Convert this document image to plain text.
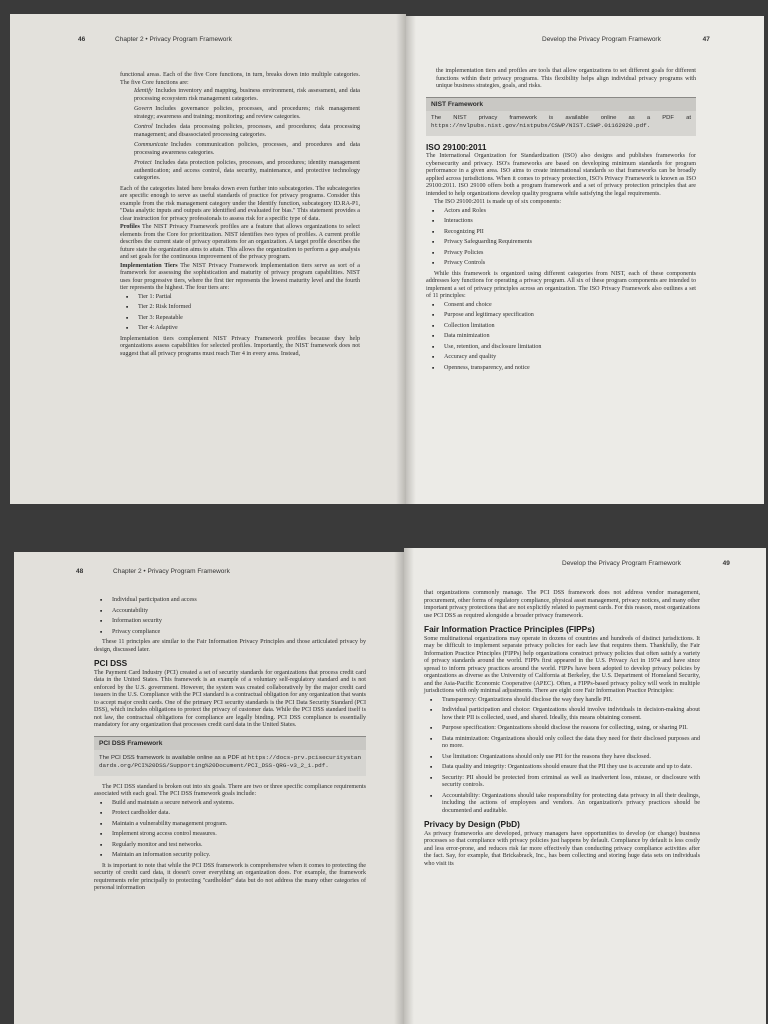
46	Chapter 2 • Privacy Program Framework

functional areas. Each of the five Core functions, in turn, breaks down into multiple categories. The five Core functions are:

Identify Includes inventory and mapping, business environment, risk assessment, and data processing ecosystem risk management categories.

Govern Includes governance policies, processes, and procedures; risk management strategy; awareness and training; monitoring; and review categories.

Control Includes data processing policies, processes, and procedures; data processing management; and disassociated processing categories.

Communicate Includes communication policies, processes, and procedures and data processing awareness categories.

Protect Includes data protection policies, processes, and procedures; identity management authentication; and access control, data security, maintenance, and protective technology categories.

Each of the categories listed here breaks down even further into subcategories. The subcategories are specific enough to serve as useful standards of practice for privacy programs. Consider this example from the risk management category under the Identify function, subcategory ID.RA-P1, "Data analytic inputs and outputs are identified and evaluated for bias." This statement provides a clear instruction for privacy professionals to assess risk for a specific type of data.

Profiles The NIST Privacy Framework profiles are a feature that allows organizations to select elements from the Core for prioritization. NIST identifies two types of profiles. A current profile describes the current state of privacy operations for an organization. A target profile describes the future state the organization aims to attain. This allows the organization to perform a gap analysis and set goals for the continuous improvement of the privacy program.

Implementation Tiers The NIST Privacy Framework implementation tiers serve as sort of a framework for assessing the sophistication and maturity of privacy program capabilities. NIST uses four progressive tiers, where the first tier represents the lowest maturity level and the fourth tier represents the highest. The four tiers are:

■ Tier 1: Partial
■ Tier 2: Risk Informed
■ Tier 3: Repeatable
■ Tier 4: Adaptive

Implementation tiers complement NIST Privacy Framework profiles because they help organizations assess capabilities for selected profiles. Importantly, the NIST framework does not suggest that all privacy programs must reach Tier 4 in every area. Instead,

Develop the Privacy Program Framework	47

the implementation tiers and profiles are tools that allow organizations to set different goals for different functions within their privacy programs. This flexibility helps align individual privacy programs with unique business strategies, goals, and risks.

NIST Framework
The NIST privacy framework is available online as a PDF at https://nvlpubs.nist.gov/nistpubs/CSWP/NIST.CSWP.01162020.pdf.
ISO 29100:2011

The International Organization for Standardization (ISO) also designs and publishes frameworks for cybersecurity and privacy. ISO's frameworks are based on developing minimum standards for program performance in a given area. ISO aims to create international standards so that frameworks can be broadly applied across jurisdictions. When it comes to privacy protection, ISO's Privacy Framework is known as ISO 29100:2011. ISO 29100 offers both a program framework and a set of privacy protection principles that are intended to help organizations develop quality programs while satisfying the legal requirements.

The ISO 29100:2011 is made up of six components:

■ Actors and Roles
■ Interactions
■ Recognizing PII
■ Privacy Safeguarding Requirements
■ Privacy Policies
■ Privacy Controls

While this framework is organized using different categories from NIST, each of these components addresses key functions for operating a privacy program. All six of these program components are intended to implement a set of privacy principles across an organization. The ISO Privacy Framework also outlines a set of 11 principles:

■ Consent and choice
■ Purpose and legitimacy specification
■ Collection limitation
■ Data minimization
■ Use, retention, and disclosure limitation
■ Accuracy and quality
■ Openness, transparency, and notice
48	Chapter 2 • Privacy Program Framework
■ Individual participation and access
■ Accountability
■ Information security
■ Privacy compliance

These 11 principles are similar to the Fair Information Privacy Principles and those articulated privacy by design, discussed later.

PCI DSS

The Payment Card Industry (PCI) created a set of security standards for organizations that process credit card data in the United States. This framework is an example of a voluntary self-regulatory standard and is not enforced by the U.S. government. However, the system was created collaboratively by the major credit card issuers in the U.S. Compliance with the PCI standard is a contractual obligation for any organization that wants to accept major credit cards. One of the primary PCI security standards is the PCI Data Security Standard (PCI DSS), which includes obligations to protect the privacy of customer data. While the PCI DSS standard itself is not law, the contractual obligations for compliance are legally binding. PCI DSS compliance is essentially mandatory for any organization that processes credit card data in the United States.

PCI DSS Framework
The PCI DSS framework is available online as a PDF at https://docs-prv.pcisecuritystandards.org/PCI%20DSS/Supporting%20Document/PCI_DSS-QRG-v3_2_1.pdf.

The PCI DSS standard is broken out into six goals. There are two or three specific compliance requirements associated with each goal. The PCI DSS framework goals include:

■ Build and maintain a secure network and systems.
■ Protect cardholder data.
■ Maintain a vulnerability management program.
■ Implement strong access control measures.
■ Regularly monitor and test networks.
■ Maintain an information security policy.

It is important to note that while the PCI DSS framework is comprehensive when it comes to protecting the security of credit card data, it doesn't cover everything an organization does. For example, the framework requirements refer principally to protecting "cardholder" data but do not address the many other categories of personal information

Develop the Privacy Program Framework	49

that organizations commonly manage. The PCI DSS framework does not address vendor management, procurement, other forms of regulatory compliance, physical asset management, privacy notices, and many other important privacy protections that are not explicitly related to payment cards. For this reason, most organizations use PCI DSS as required alongside a broader privacy framework.

Fair Information Practice Principles (FIPPs)

Some multinational organizations may operate in dozens of countries and hundreds of distinct jurisdictions. It may be difficult to implement separate privacy policies for each law that requires them. Thankfully, the Fair Information Practice Principles (FIPPs) help organizations construct privacy policies that often satisfy a variety of privacy standards around the world. FIPPs first appeared in the U.S. Privacy Act in 1974 and have since spread to inform privacy practices around the world. FIPPs have been adopted to develop privacy policies by organizations as diverse as the University of California at Berkeley, the U.S. Department of Homeland Security, and the Asia-Pacific Economic Cooperative (APEC). Often, a FIPPs-based privacy policy will work in multiple jurisdictions with only minimal adjustments. There are eight core Fair Information Practice Principles:

■ Transparency: Organizations should disclose the way they handle PII.
■ Individual participation and choice: Organizations should involve individuals in decision-making about how their PII is collected, used, and shared. Ideally, this means obtaining consent.
■ Purpose specification: Organizations should disclose the reasons for collecting, using, or sharing PII.
■ Data minimization: Organizations should only collect the data they need for their disclosed purposes and no more.
■ Use limitation: Organizations should only use PII for the reasons they have disclosed.
■ Data quality and integrity: Organizations should ensure that the PII they use is accurate and up to date.
■ Security: PII should be protected from criminal as well as inadvertent loss, misuse, or disclosure with security controls.
■ Accountability: Organizations should take responsibility for protecting data privacy in all their dealings, including the actions of employees and vendors. An organization's privacy practices should be documented and auditable.
Privacy by Design (PbD)

As privacy frameworks are developed, privacy managers have opportunities to develop (or change) business processes so that compliance with privacy policies just happens by default. Compliance by default is less costly and less error-prone, and reduces risk far more effectively than conducting privacy compliance activities after the fact. Say, for example, that Brickabrack, Inc., has been collecting and storing huge data sets on individuals who visit its
